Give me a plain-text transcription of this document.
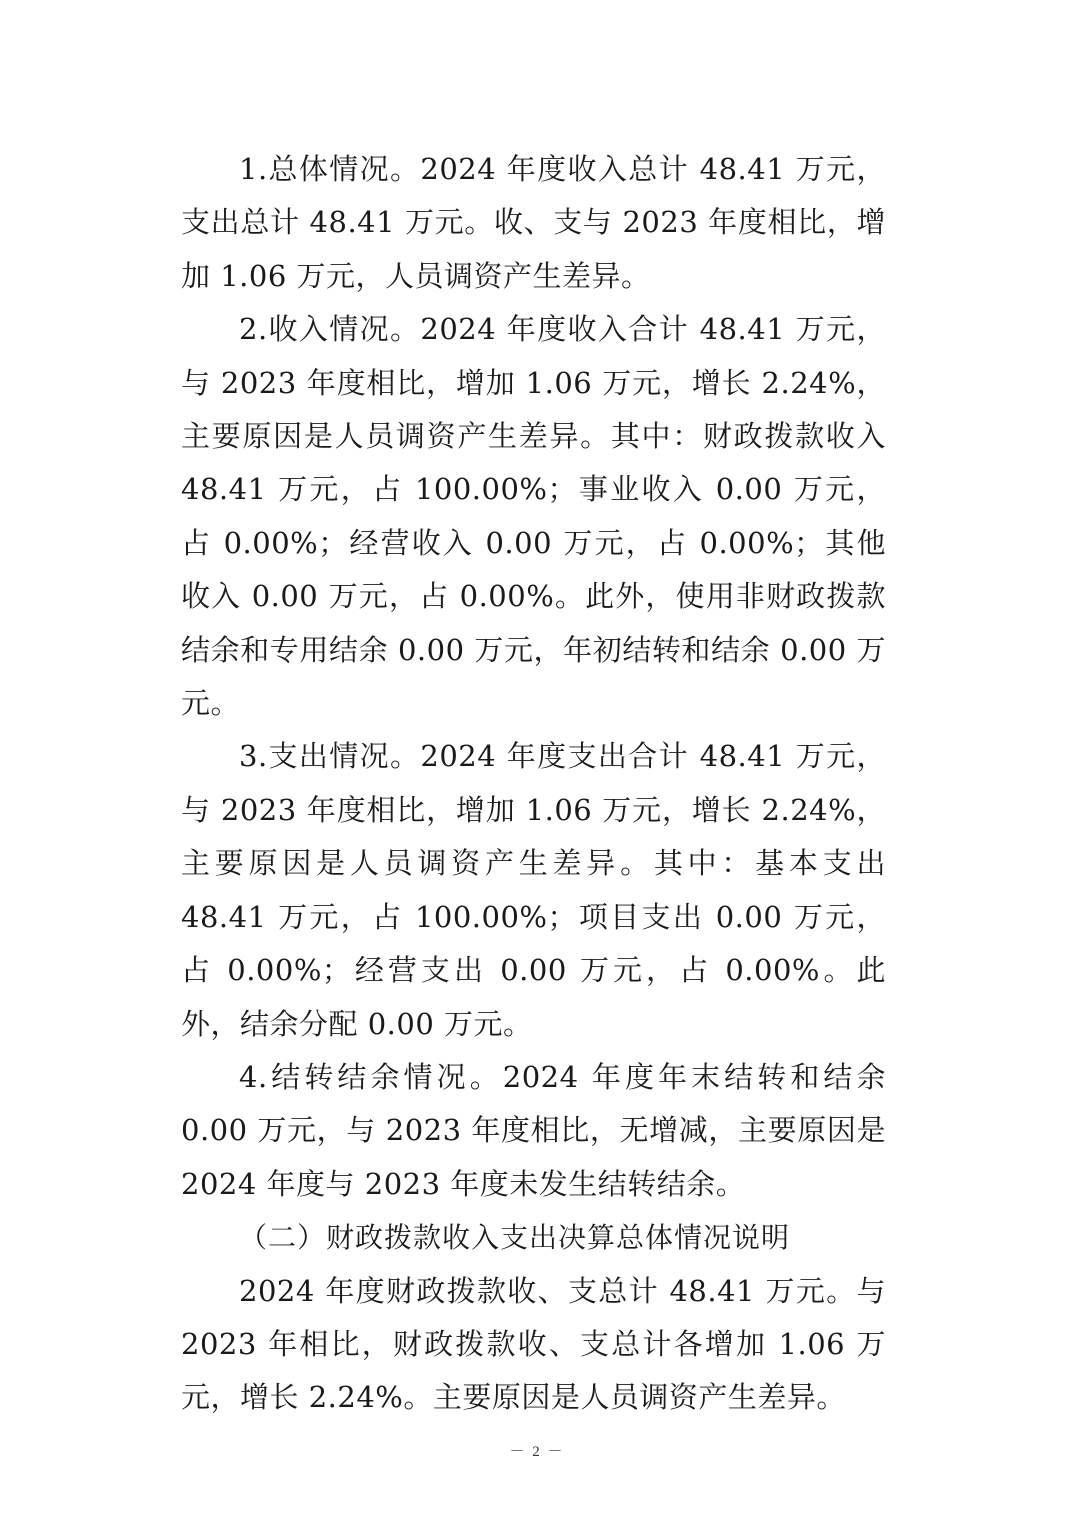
1.总体情况。2024 年度收入总计 48.41 万元，支出总计 48.41 万元。收、支与 2023 年度相比，增加 1.06 万元，人员调资产生差异。

2.收入情况。2024 年度收入合计 48.41 万元，与 2023 年度相比，增加 1.06 万元，增长 2.24%，主要原因是人员调资产生差异。其中：财政拨款收入 48.41 万元，占 100.00%；事业收入 0.00 万元，占 0.00%；经营收入 0.00 万元，占 0.00%；其他收入 0.00 万元，占 0.00%。此外，使用非财政拨款结余和专用结余 0.00 万元，年初结转和结余 0.00 万元。

3.支出情况。2024 年度支出合计 48.41 万元，与 2023 年度相比，增加 1.06 万元，增长 2.24%，主要原因是人员调资产生差异。其中：基本支出 48.41 万元，占 100.00%；项目支出 0.00 万元，占 0.00%；经营支出 0.00 万元，占 0.00%。此外，结余分配 0.00 万元。

4.结转结余情况。2024 年度年末结转和结余 0.00 万元，与 2023 年度相比，无增减，主要原因是 2024 年度与 2023 年度未发生结转结余。

（二）财政拨款收入支出决算总体情况说明

2024 年度财政拨款收、支总计 48.41 万元。与 2023 年相比，财政拨款收、支总计各增加 1.06 万元，增长 2.24%。主要原因是人员调资产生差异。

－ 2 －
